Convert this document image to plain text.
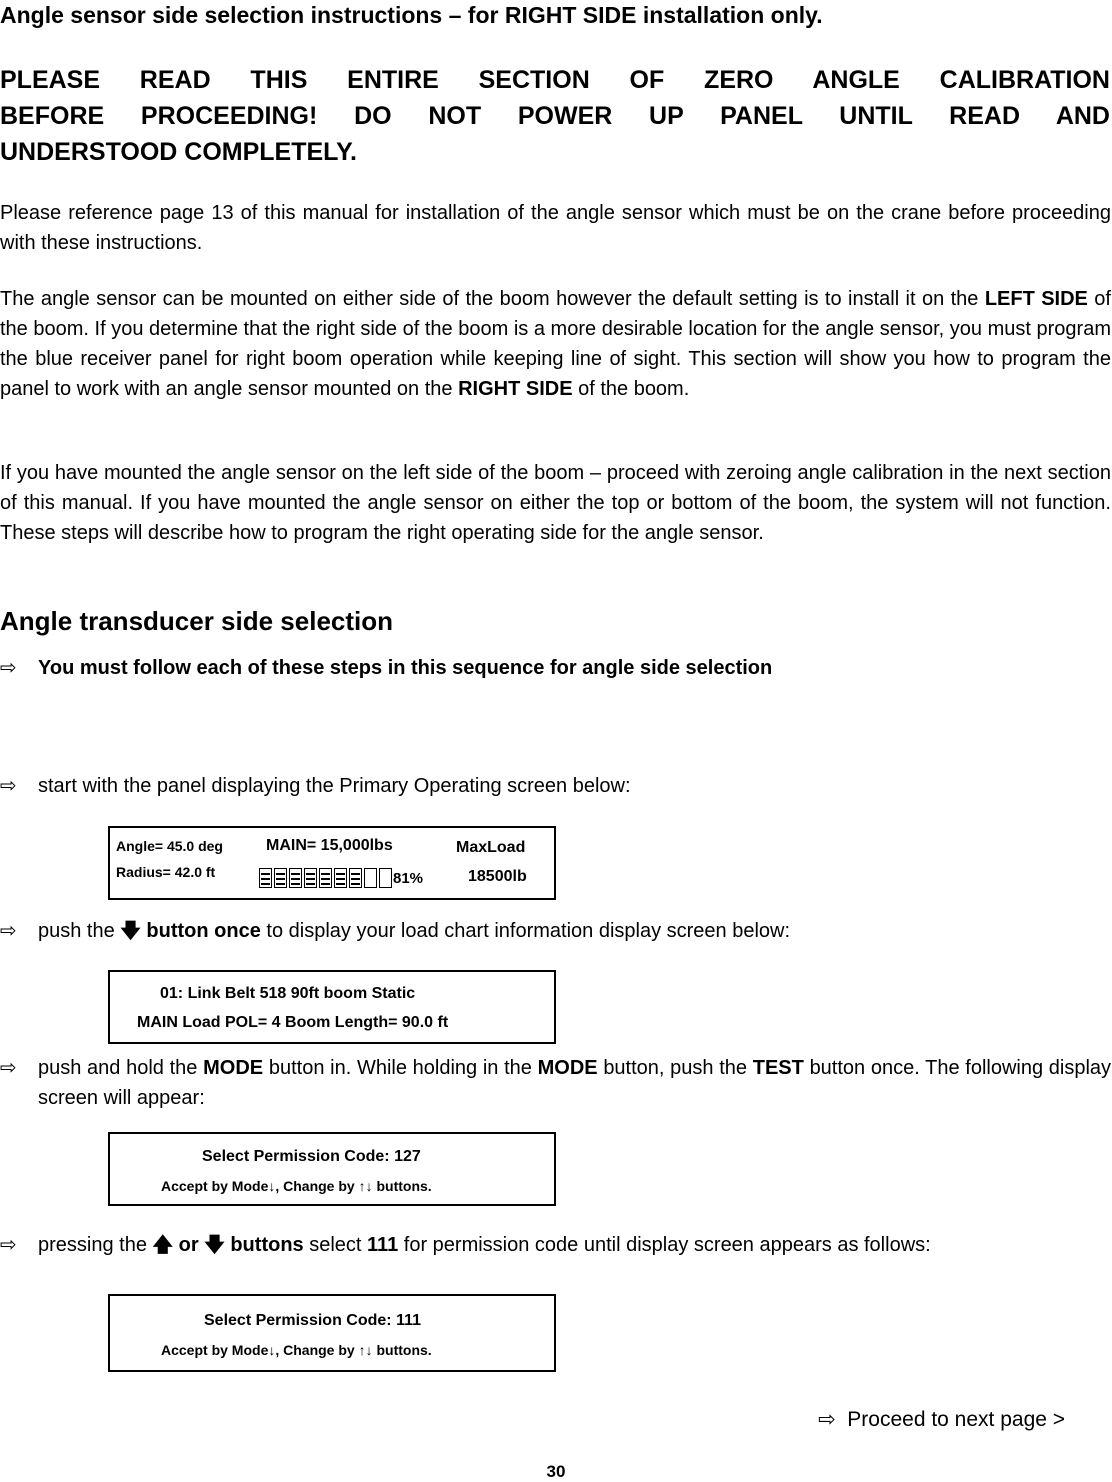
Angle sensor side selection instructions – for RIGHT SIDE installation only.
PLEASE READ THIS ENTIRE SECTION OF ZERO ANGLE CALIBRATION
BEFORE PROCEEDING! DO NOT POWER UP PANEL UNTIL READ AND
UNDERSTOOD COMPLETELY.
Please reference page 13 of this manual for installation of the angle sensor which must be on the crane before proceeding with these instructions.
The angle sensor can be mounted on either side of the boom however the default setting is to install it on the LEFT SIDE of the boom. If you determine that the right side of the boom is a more desirable location for the angle sensor, you must program the blue receiver panel for right boom operation while keeping line of sight. This section will show you how to program the panel to work with an angle sensor mounted on the RIGHT SIDE of the boom.
If you have mounted the angle sensor on the left side of the boom – proceed with zeroing angle calibration in the next section of this manual. If you have mounted the angle sensor on either the top or bottom of the boom, the system will not function. These steps will describe how to program the right operating side for the angle sensor.
Angle transducer side selection
⇨	You must follow each of these steps in this sequence for angle side selection
⇨	start with the panel displaying the Primary Operating screen below:
Angle= 45.0 deg
Radius= 42.0 ft
MAIN= 15,000lbs	MaxLoad
18500lb
81%
⇨	push the 🡇 button once to display your load chart information display screen below:
01: Link Belt 518 90ft boom Static
MAIN Load POL= 4 Boom Length= 90.0 ft
⇨	push and hold the MODE button in. While holding in the MODE button, push the TEST button once. The following display screen will appear:
Select Permission Code: 127
Accept by Mode↓, Change by ↑↓ buttons.
⇨	pressing the 🡅 or 🡇 buttons select 111 for permission code until display screen appears as follows:
Select Permission Code: 111
Accept by Mode↓, Change by ↑↓ buttons.
⇨ Proceed to next page >
30
